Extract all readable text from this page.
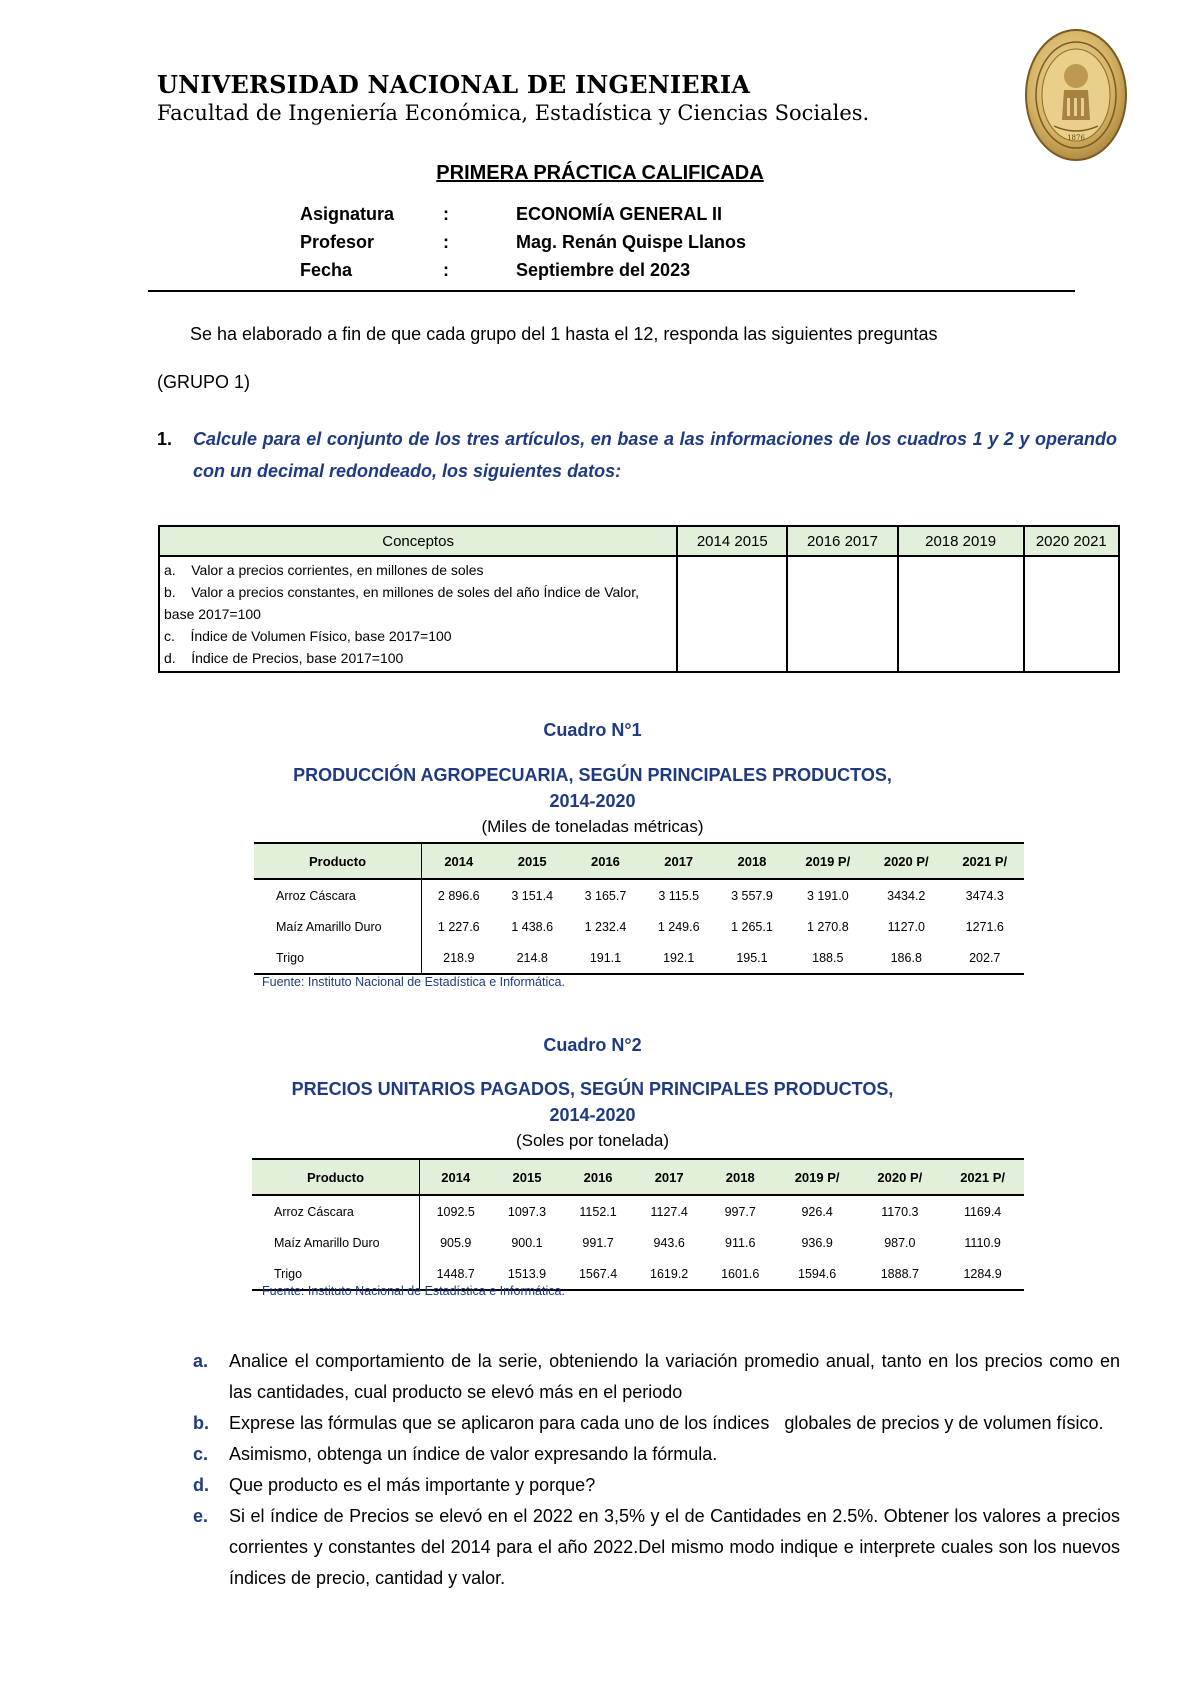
UNIVERSIDAD NACIONAL DE INGENIERIA
Facultad de Ingeniería Económica, Estadística y Ciencias Sociales.
1876
PRIMERA PRÁCTICA CALIFICADA
Asignatura	:	ECONOMÍA GENERAL II
Profesor	:	Mag. Renán Quispe Llanos
Fecha	:	Septiembre del 2023
Se ha elaborado a fin de que cada grupo del 1 hasta el 12, responda las siguientes preguntas
(GRUPO 1)
1.	Calcule para el conjunto de los tres artículos, en base a las informaciones de los cuadros 1 y 2 y operando con un decimal redondeado, los siguientes datos:
Conceptos	2014 2015	2016 2017	2018 2019	2020 2021

a.    Valor a precios corrientes, en millones de soles
b.    Valor a precios constantes, en millones de soles del año Índice de Valor, base 2017=100
c.    Índice de Volumen Físico, base 2017=100
d.    Índice de Precios, base 2017=100				

Cuadro N°1
PRODUCCIÓN AGROPECUARIA, SEGÚN PRINCIPALES PRODUCTOS,
2014-2020
(Miles de toneladas métricas)
Producto	2014	2015	2016	2017	2018	2019 P/	2020 P/	2021 P/
Arroz Cáscara	2 896.6	3 151.4	3 165.7	3 115.5	3 557.9	3 191.0	3434.2	3474.3
Maíz Amarillo Duro	1 227.6	1 438.6	1 232.4	1 249.6	1 265.1	1 270.8	1127.0	1271.6
Trigo	218.9	214.8	191.1	192.1	195.1	188.5	186.8	202.7
Fuente: Instituto Nacional de Estadística e Informática.
Cuadro N°2
PRECIOS UNITARIOS PAGADOS, SEGÚN PRINCIPALES PRODUCTOS,
2014-2020
(Soles por tonelada)
Producto	2014	2015	2016	2017	2018	2019 P/	2020 P/	2021 P/
Arroz Cáscara	1092.5	1097.3	1152.1	1127.4	997.7	926.4	1170.3	1169.4
Maíz Amarillo Duro	905.9	900.1	991.7	943.6	911.6	936.9	987.0	1110.9
Trigo	1448.7	1513.9	1567.4	1619.2	1601.6	1594.6	1888.7	1284.9
Fuente: Instituto Nacional de Estadística e Informática.
a. Analice el comportamiento de la serie, obteniendo la variación promedio anual, tanto en los precios como en las cantidades, cual producto se elevó más en el periodo
b. Exprese las fórmulas que se aplicaron para cada uno de los índices   globales de precios y de volumen físico.
c. Asimismo, obtenga un índice de valor expresando la fórmula.
d. Que producto es el más importante y porque?
e. Si el índice de Precios se elevó en el 2022 en 3,5% y el de Cantidades en 2.5%. Obtener los valores a precios corrientes y constantes del 2014 para el año 2022.Del mismo modo indique e interprete cuales son los nuevos índices de precio, cantidad y valor.
